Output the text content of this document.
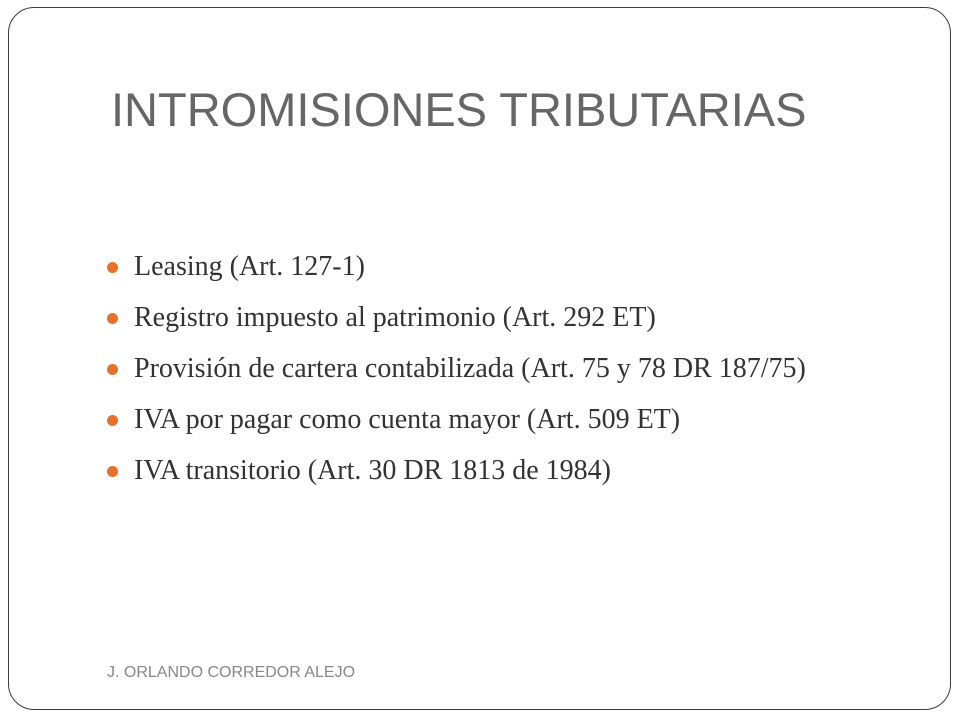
INTROMISIONES TRIBUTARIAS
Leasing (Art. 127-1)
Registro impuesto al patrimonio (Art. 292 ET)
Provisión de cartera contabilizada (Art. 75 y 78 DR 187/75)
IVA por pagar como cuenta mayor (Art. 509 ET)
IVA transitorio (Art. 30 DR 1813 de 1984)
J. ORLANDO CORREDOR ALEJO
